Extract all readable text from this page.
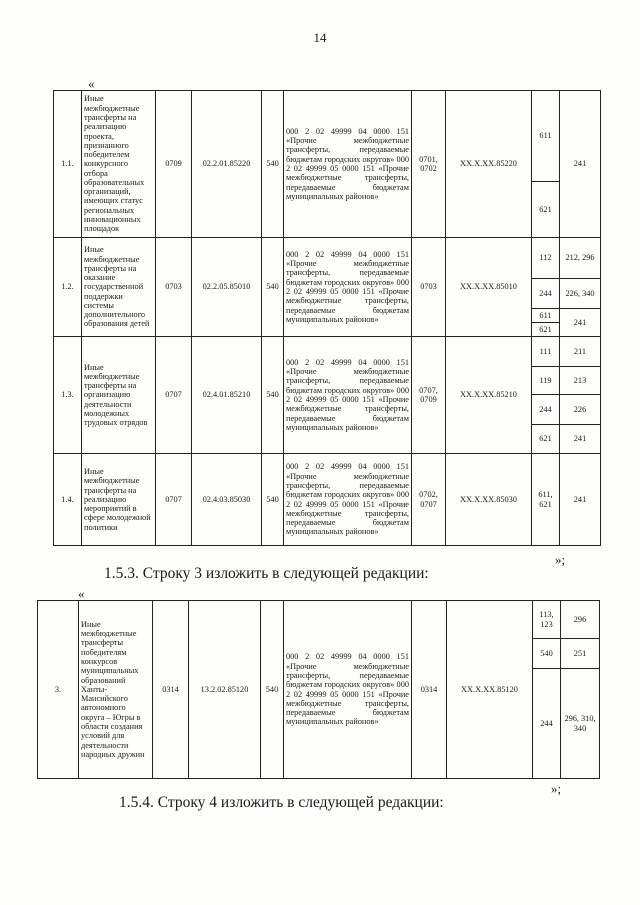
14
«
1.1.	Иные межбюджетные трансферты на реализацию проекта, признанного победителем конкурсного отбора образовательных организаций, имеющих статус региональных инновационных площадок	0709	02.2.01.85220	540	000 2 02 49999 04 0000 151 «Прочие межбюджетные трансферты, передаваемые бюджетам городских округов» 000 2 02 49999 05 0000 151 «Прочие межбюджетные трансферты, передаваемые бюджетам муниципальных районов»	0701, 0702	XX.X.XX.85220	611	241
								621	
1.2.	Иные межбюджетные трансферты на оказание государственной поддержки системы дополнительного образования детей	0703	02.2.05.85010	540	000 2 02 49999 04 0000 151 «Прочие межбюджетные трансферты, передаваемые бюджетам городских округов» 000 2 02 49999 05 0000 151 «Прочие межбюджетные трансферты, передаваемые бюджетам муниципальных районов»	0703	XX.X.XX.85010	112	212, 296
								244	226, 340
								611	241
								621	
1.3.	Иные межбюджетные трансферты на организацию деятельности молодежных трудовых отрядов	0707	02.4.01.85210	540	000 2 02 49999 04 0000 151 «Прочие межбюджетные трансферты, передаваемые бюджетам городских округов» 000 2 02 49999 05 0000 151 «Прочие межбюджетные трансферты, передаваемые бюджетам муниципальных районов»	0707, 0709	XX.X.XX.85210	111	211
								119	213
								244	226
								621	241
1.4.	Иные межбюджетные трансферты на реализацию мероприятий в сфере молодежной политики	0707	02.4.03.85030	540	000 2 02 49999 04 0000 151 «Прочие межбюджетные трансферты, передаваемые бюджетам городских округов» 000 2 02 49999 05 0000 151 «Прочие межбюджетные трансферты, передаваемые бюджетам муниципальных районов»	0702, 0707	XX.X.XX.85030	611, 621	241
»;
1.5.3. Строку 3 изложить в следующей редакции:
«
3.	Иные межбюджетные трансферты победителям конкурсов муниципальных образований Ханты-Мансийского автономного округа – Югры в области создания условий для деятельности народных дружин	0314	13.2.02.85120	540	000 2 02 49999 04 0000 151 «Прочие межбюджетные трансферты, передаваемые бюджетам городских округов» 000 2 02 49999 05 0000 151 «Прочие межбюджетные трансферты, передаваемые бюджетам муниципальных районов»	0314	XX.X.XX.85120	113, 123	296
								540	251
								244	296, 310, 340
»;
1.5.4. Строку 4 изложить в следующей редакции:
